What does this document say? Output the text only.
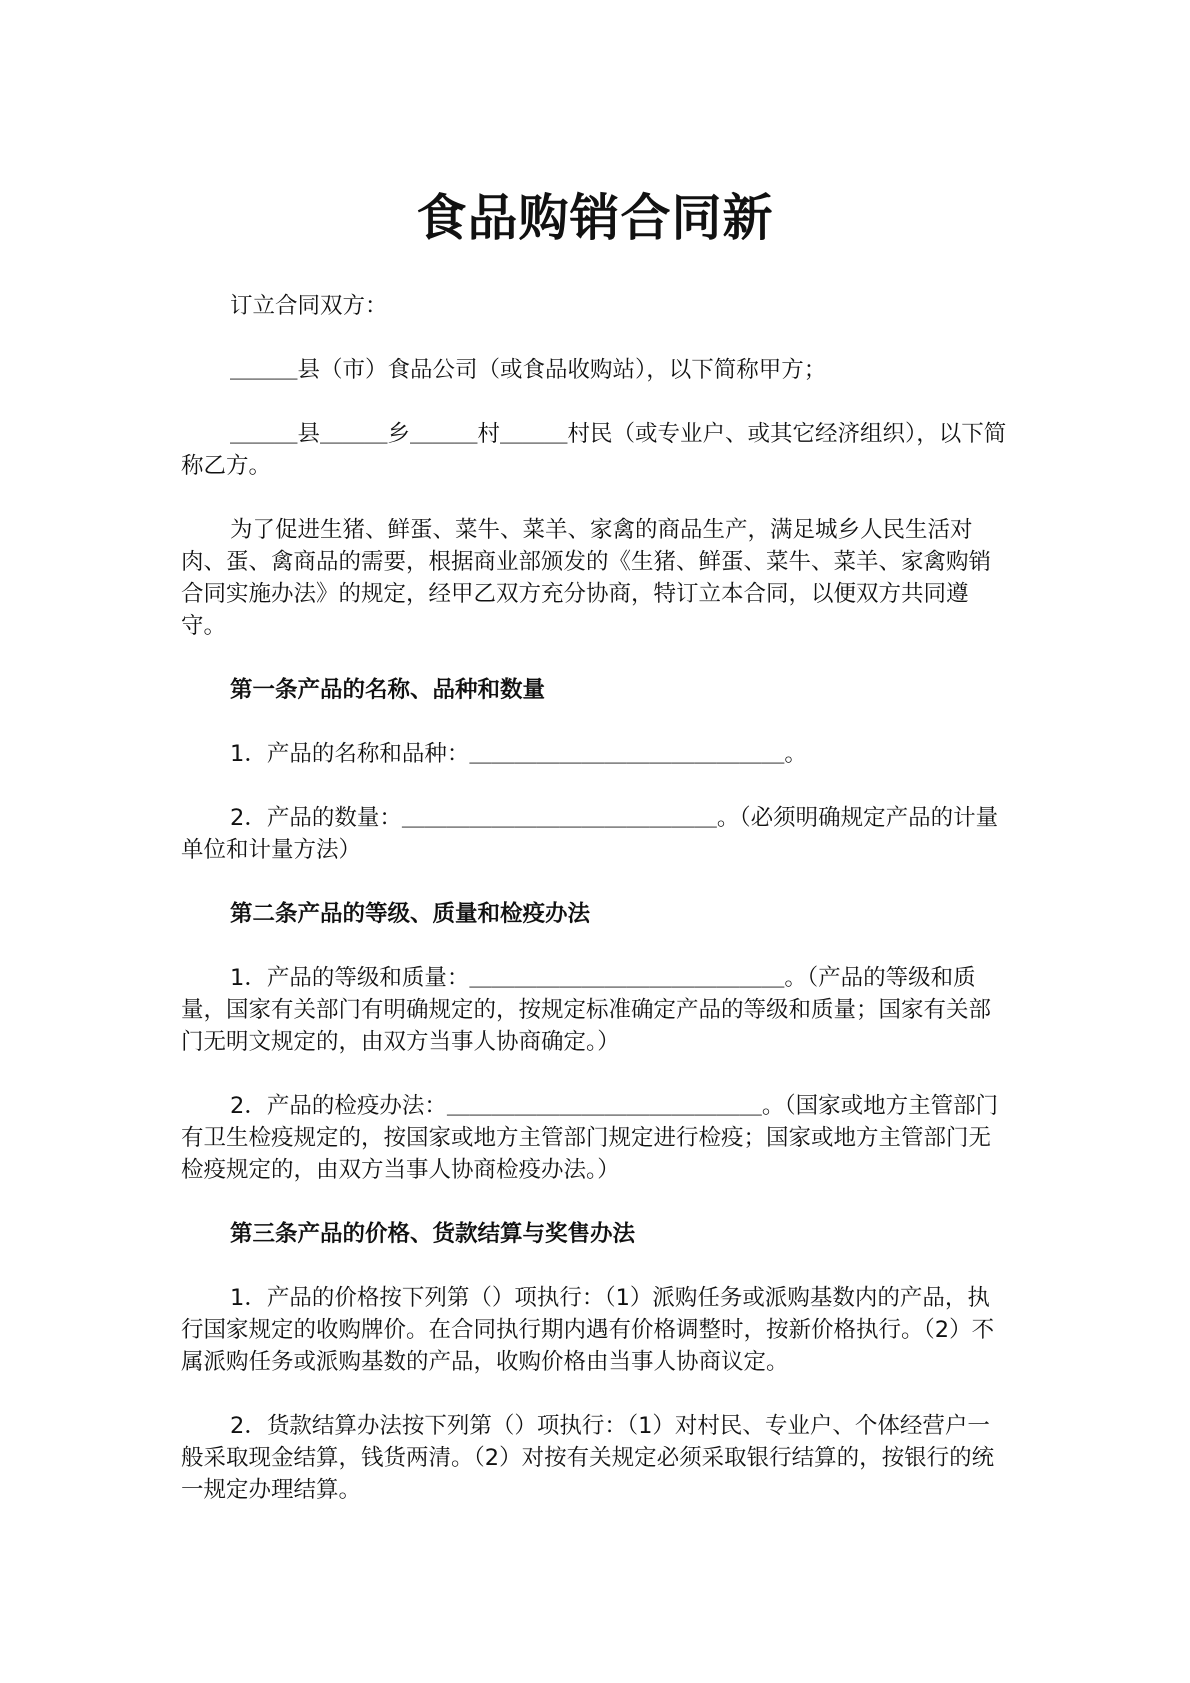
食品购销合同新

订立合同双方：

＿＿＿县（市）食品公司（或食品收购站），以下简称甲方；

＿＿＿县＿＿＿乡＿＿＿村＿＿＿村民（或专业户、或其它经济组织），以下简称乙方。

为了促进生猪、鲜蛋、菜牛、菜羊、家禽的商品生产，满足城乡人民生活对肉、蛋、禽商品的需要，根据商业部颁发的《生猪、鲜蛋、菜牛、菜羊、家禽购销合同实施办法》的规定，经甲乙双方充分协商，特订立本合同，以便双方共同遵守。

第一条产品的名称、品种和数量

1．产品的名称和品种：＿＿＿＿＿＿＿＿＿＿＿＿＿＿。

2．产品的数量：＿＿＿＿＿＿＿＿＿＿＿＿＿＿。（必须明确规定产品的计量单位和计量方法）

第二条产品的等级、质量和检疫办法

1．产品的等级和质量：＿＿＿＿＿＿＿＿＿＿＿＿＿＿。（产品的等级和质量，国家有关部门有明确规定的，按规定标准确定产品的等级和质量；国家有关部门无明文规定的，由双方当事人协商确定。）

2．产品的检疫办法：＿＿＿＿＿＿＿＿＿＿＿＿＿＿。（国家或地方主管部门有卫生检疫规定的，按国家或地方主管部门规定进行检疫；国家或地方主管部门无检疫规定的，由双方当事人协商检疫办法。）

第三条产品的价格、货款结算与奖售办法

1．产品的价格按下列第（）项执行：（1）派购任务或派购基数内的产品，执行国家规定的收购牌价。在合同执行期内遇有价格调整时，按新价格执行。（2）不属派购任务或派购基数的产品，收购价格由当事人协商议定。

2．货款结算办法按下列第（）项执行：（1）对村民、专业户、个体经营户一般采取现金结算，钱货两清。（2）对按有关规定必须采取银行结算的，按银行的统一规定办理结算。
